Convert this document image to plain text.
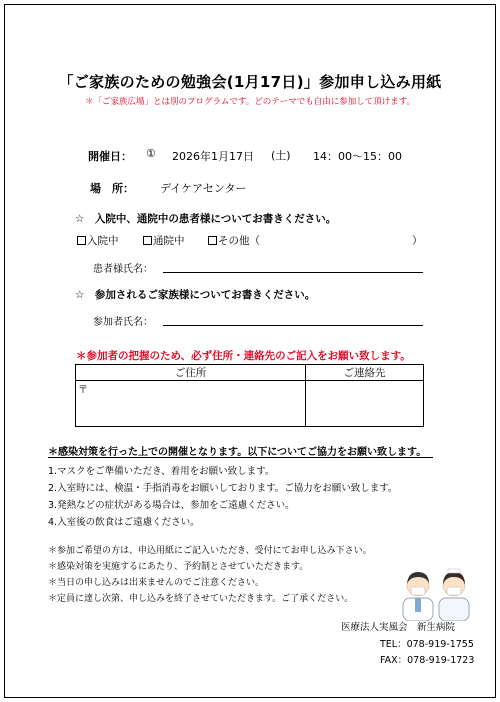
「ご家族のための勉強会(1月17日)」参加申し込み用紙
＊「ご家族広場」とは別のプログラムです。どのテーマでも自由に参加して頂けます。
開催日： ① 2026年1月17日 (土) 14：00～15：00
場　所： デイケアセンター
☆　入院中、通院中の患者様についてお書きください。
入院中	通院中	その他（	）
患者様氏名：
☆　参加されるご家族様についてお書きください。
参加者氏名：
＊参加者の把握のため、必ず住所・連絡先のご記入をお願い致します。
ご住所	ご連絡先
〒	
＊感染対策を行った上での開催となります。以下についてご協力をお願い致します。
1.マスクをご準備いただき、着用をお願い致します。
2.入室時には、検温・手指消毒をお願いしております。ご協力をお願い致します。
3.発熱などの症状がある場合は、参加をご遠慮ください。
4.入室後の飲食はご遠慮ください。
＊参加ご希望の方は、申込用紙にご記入いただき、受付にてお申し込み下さい。
＊感染対策を実施するにあたり、予約制とさせていただきます。
＊当日の申し込みは出来ませんのでご注意ください。
＊定員に達し次第、申し込みを終了させていただきます。ご了承ください。
医療法人実風会　新生病院
TEL：078-919-1755
FAX：078-919-1723
